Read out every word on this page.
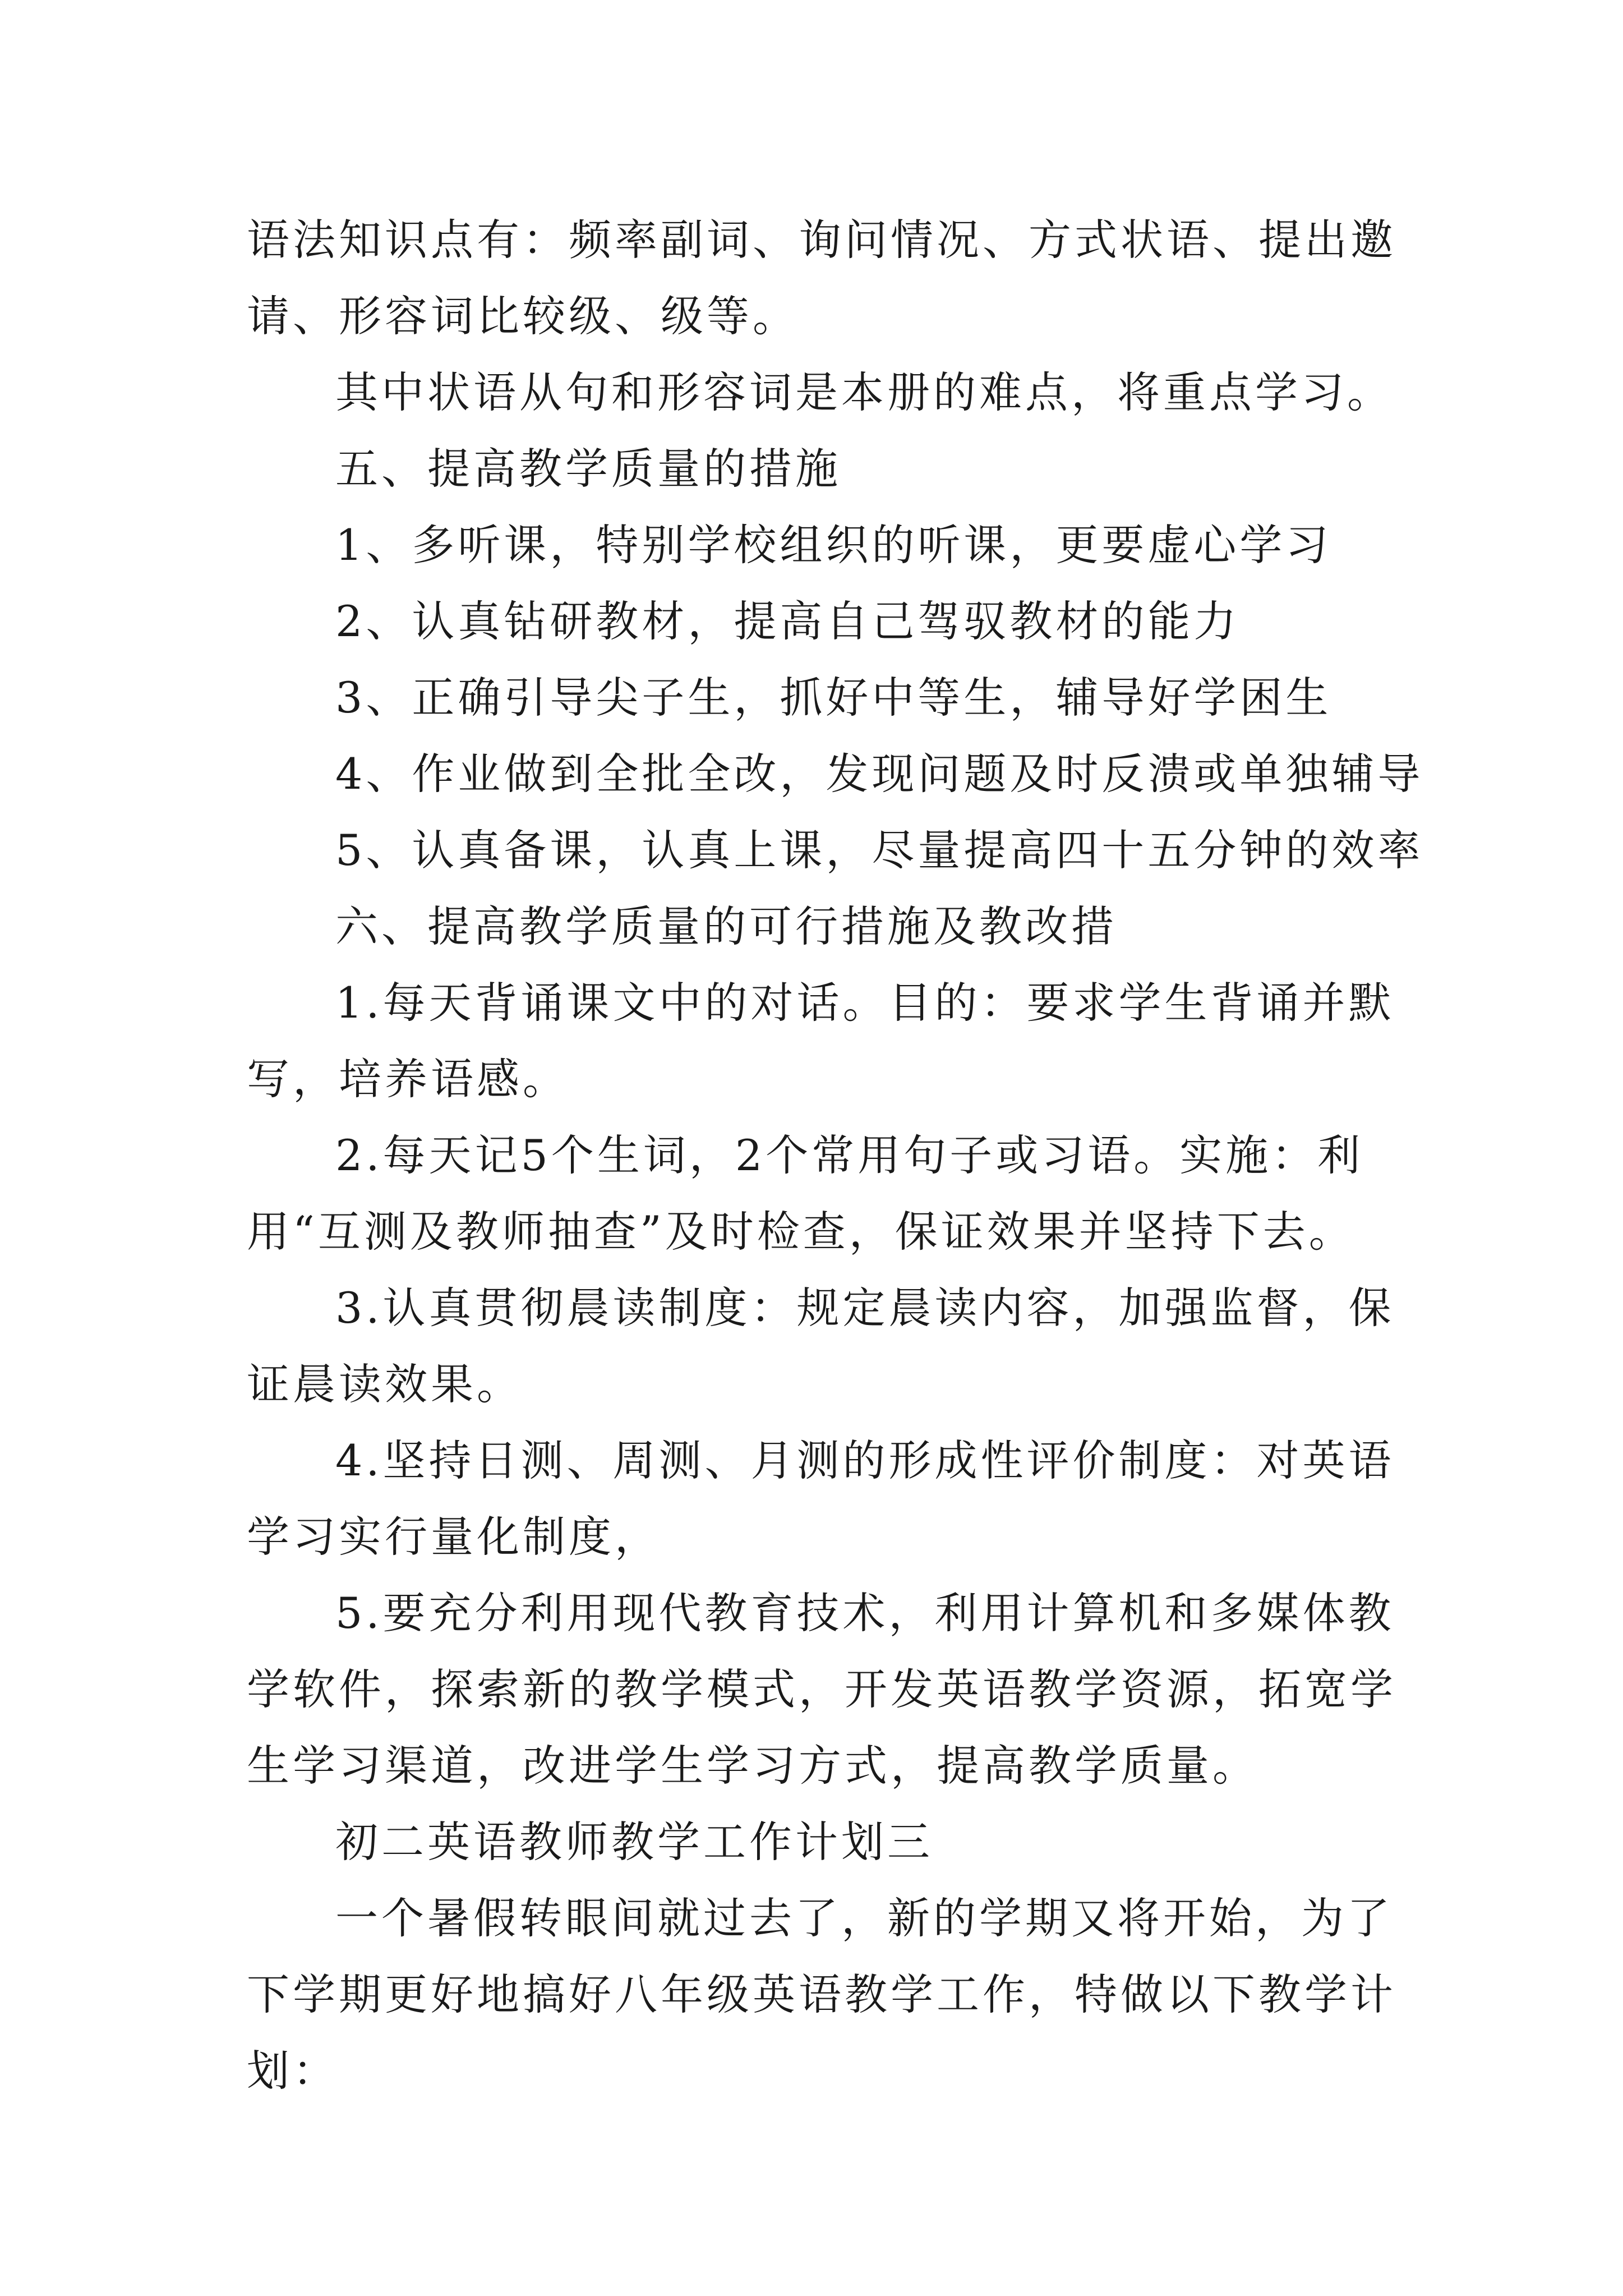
语法知识点有：频率副词、询问情况、方式状语、提出邀请、形容词比较级、级等。

其中状语从句和形容词是本册的难点，将重点学习。

五、提高教学质量的措施

1、多听课，特别学校组织的听课，更要虚心学习

2、认真钻研教材，提高自己驾驭教材的能力

3、正确引导尖子生，抓好中等生，辅导好学困生

4、作业做到全批全改，发现问题及时反溃或单独辅导

5、认真备课，认真上课，尽量提高四十五分钟的效率

六、提高教学质量的可行措施及教改措

1.每天背诵课文中的对话。目的：要求学生背诵并默写，培养语感。

2.每天记5个生词，2个常用句子或习语。实施：利用“互测及教师抽查”及时检查，保证效果并坚持下去。

3.认真贯彻晨读制度：规定晨读内容，加强监督，保证晨读效果。

4.坚持日测、周测、月测的形成性评价制度：对英语学习实行量化制度，

5.要充分利用现代教育技术，利用计算机和多媒体教学软件，探索新的教学模式，开发英语教学资源，拓宽学生学习渠道，改进学生学习方式，提高教学质量。

初二英语教师教学工作计划三

一个暑假转眼间就过去了，新的学期又将开始，为了下学期更好地搞好八年级英语教学工作，特做以下教学计划：
